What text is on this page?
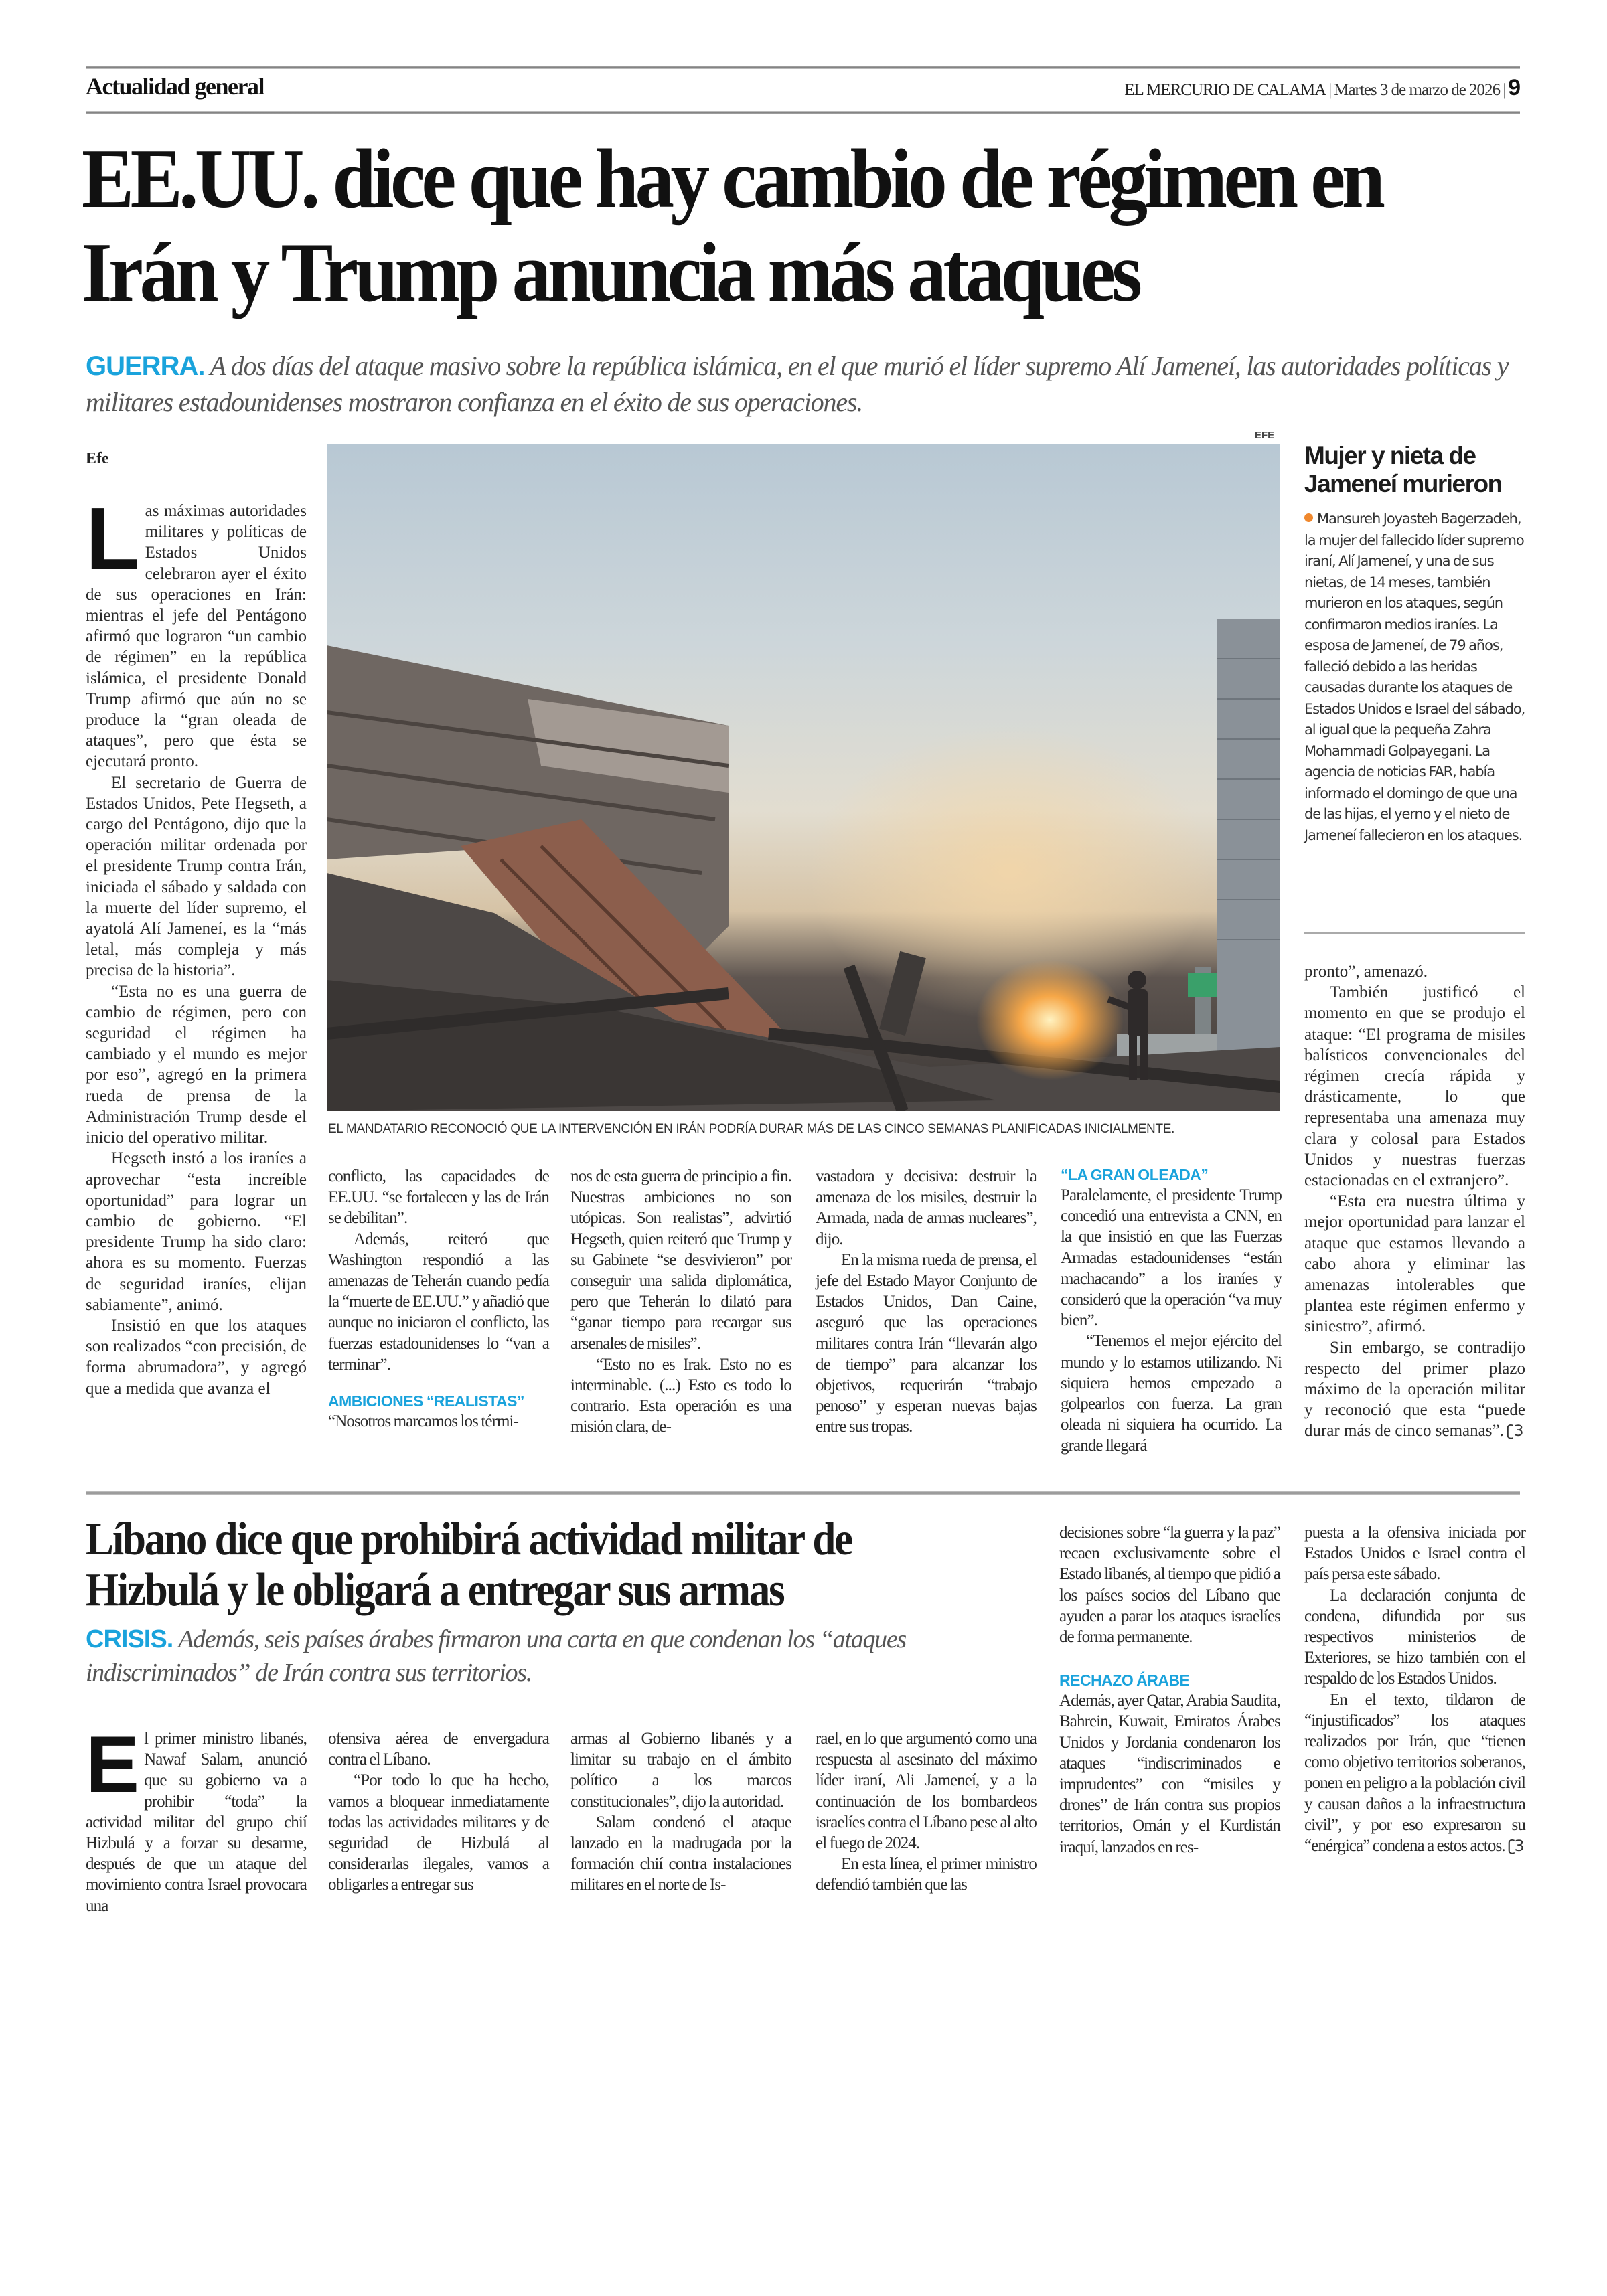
Actualidad general	EL MERCURIO DE CALAMA | Martes 3 de marzo de 2026 | 9
EE.UU. dice que hay cambio de régimen en Irán y Trump anuncia más ataques
GUERRA. A dos días del ataque masivo sobre la república islámica, en el que murió el líder supremo Alí Jameneí, las autoridades políticas y militares estadounidenses mostraron confianza en el éxito de sus operaciones.
Efe
L as máximas autoridades militares y políticas de Estados Unidos celebraron ayer el éxito de sus operaciones en Irán: mientras el jefe del Pentágono afirmó que lograron “un cambio de régimen” en la república islámica, el presidente Donald Trump afirmó que aún no se produce la “gran oleada de ataques”, pero que ésta se ejecutará pronto.

El secretario de Guerra de Estados Unidos, Pete Hegseth, a cargo del Pentágono, dijo que la operación militar ordenada por el presidente Trump contra Irán, iniciada el sábado y saldada con la muerte del líder supremo, el ayatolá Alí Jameneí, es la “más letal, más compleja y más precisa de la historia”.

“Esta no es una guerra de cambio de régimen, pero con seguridad el régimen ha cambiado y el mundo es mejor por eso”, agregó en la primera rueda de prensa de la Administración Trump desde el inicio del operativo militar.

Hegseth instó a los iraníes a aprovechar “esta increíble oportunidad” para lograr un cambio de gobierno. “El presidente Trump ha sido claro: ahora es su momento. Fuerzas de seguridad iraníes, elijan sabiamente”, animó.

Insistió en que los ataques son realizados “con precisión, de forma abrumadora”, y agregó que a medida que avanza el

EFE
EL MANDATARIO RECONOCIÓ QUE LA INTERVENCIÓN EN IRÁN PODRÍA DURAR MÁS DE LAS CINCO SEMANAS PLANIFICADAS INICIALMENTE.

conflicto, las capacidades de EE.UU. “se fortalecen y las de Irán se debilitan”.

Además, reiteró que Washington respondió a las amenazas de Teherán cuando pedía la “muerte de EE.UU.” y añadió que aunque no iniciaron el conflicto, las fuerzas estadounidenses lo “van a terminar”.

AMBICIONES “REALISTAS”

“Nosotros marcamos los térmi-

nos de esta guerra de principio a fin. Nuestras ambiciones no son utópicas. Son realistas”, advirtió Hegseth, quien reiteró que Trump y su Gabinete “se desvivieron” por conseguir una salida diplomática, pero que Teherán lo dilató para “ganar tiempo para recargar sus arsenales de misiles”.

“Esto no es Irak. Esto no es interminable. (...) Esto es todo lo contrario. Esta operación es una misión clara, de-

vastadora y decisiva: destruir la amenaza de los misiles, destruir la Armada, nada de armas nucleares”, dijo.

En la misma rueda de prensa, el jefe del Estado Mayor Conjunto de Estados Unidos, Dan Caine, aseguró que las operaciones militares contra Irán “llevarán algo de tiempo” para alcanzar los objetivos, requerirán “trabajo penoso” y esperan nuevas bajas entre sus tropas.

“LA GRAN OLEADA”

Paralelamente, el presidente Trump concedió una entrevista a CNN, en la que insistió en que las Fuerzas Armadas estadounidenses “están machacando” a los iraníes y consideró que la operación “va muy bien”.

“Tenemos el mejor ejército del mundo y lo estamos utilizando. Ni siquiera hemos empezado a golpearlos con fuerza. La gran oleada ni siquiera ha ocurrido. La grande llegará

Mujer y nieta de Jameneí murieron
Mansureh Joyasteh Bagerzadeh, la mujer del fallecido líder supremo iraní, Alí Jameneí, y una de sus nietas, de 14 meses, también murieron en los ataques, según confirmaron medios iraníes. La esposa de Jameneí, de 79 años, falleció debido a las heridas causadas durante los ataques de Estados Unidos e Israel del sábado, al igual que la pequeña Zahra Mohammadi Golpayegani. La agencia de noticias FAR, había informado el domingo de que una de las hijas, el yerno y el nieto de Jameneí fallecieron en los ataques.

pronto”, amenazó.

También justificó el momento en que se produjo el ataque: “El programa de misiles balísticos convencionales del régimen crecía rápida y drásticamente, lo que representaba una amenaza muy clara y colosal para Estados Unidos y nuestras fuerzas estacionadas en el extranjero”.

“Esta era nuestra última y mejor oportunidad para lanzar el ataque que estamos llevando a cabo ahora y eliminar las amenazas intolerables que plantea este régimen enfermo y siniestro”, afirmó.

Sin embargo, se contradijo respecto del primer plazo máximo de la operación militar y reconoció que esta “puede durar más de cinco semanas”. ʗЗ

Líbano dice que prohibirá actividad militar de Hizbulá y le obligará a entregar sus armas
CRISIS. Además, seis países árabes firmaron una carta en que condenan los “ataques indiscriminados” de Irán contra sus territorios.
E l primer ministro libanés, Nawaf Salam, anunció que su gobierno va a prohibir “toda” la actividad militar del grupo chií Hizbulá y a forzar su desarme, después de que un ataque del movimiento contra Israel provocara una

ofensiva aérea de envergadura contra el Líbano.

“Por todo lo que ha hecho, vamos a bloquear inmediatamente todas las actividades militares y de seguridad de Hizbulá al considerarlas ilegales, vamos a obligarles a entregar sus

armas al Gobierno libanés y a limitar su trabajo en el ámbito político a los marcos constitucionales”, dijo la autoridad.

Salam condenó el ataque lanzado en la madrugada por la formación chií contra instalaciones militares en el norte de Is-

rael, en lo que argumentó como una respuesta al asesinato del máximo líder iraní, Ali Jameneí, y a la continuación de los bombardeos israelíes contra el Líbano pese al alto el fuego de 2024.

En esta línea, el primer ministro defendió también que las

decisiones sobre “la guerra y la paz” recaen exclusivamente sobre el Estado libanés, al tiempo que pidió a los países socios del Líbano que ayuden a parar los ataques israelíes de forma permanente.

RECHAZO ÁRABE

Además, ayer Qatar, Arabia Saudita, Bahrein, Kuwait, Emiratos Árabes Unidos y Jordania condenaron los ataques “indiscriminados e imprudentes” con “misiles y drones” de Irán contra sus propios territorios, Omán y el Kurdistán iraquí, lanzados en res-

puesta a la ofensiva iniciada por Estados Unidos e Israel contra el país persa este sábado.

La declaración conjunta de condena, difundida por sus respectivos ministerios de Exteriores, se hizo también con el respaldo de los Estados Unidos.

En el texto, tildaron de “injustificados” los ataques realizados por Irán, que “tienen como objetivo territorios soberanos, ponen en peligro a la población civil y causan daños a la infraestructura civil”, y por eso expresaron su “enérgica” condena a estos actos. ʗЗ
